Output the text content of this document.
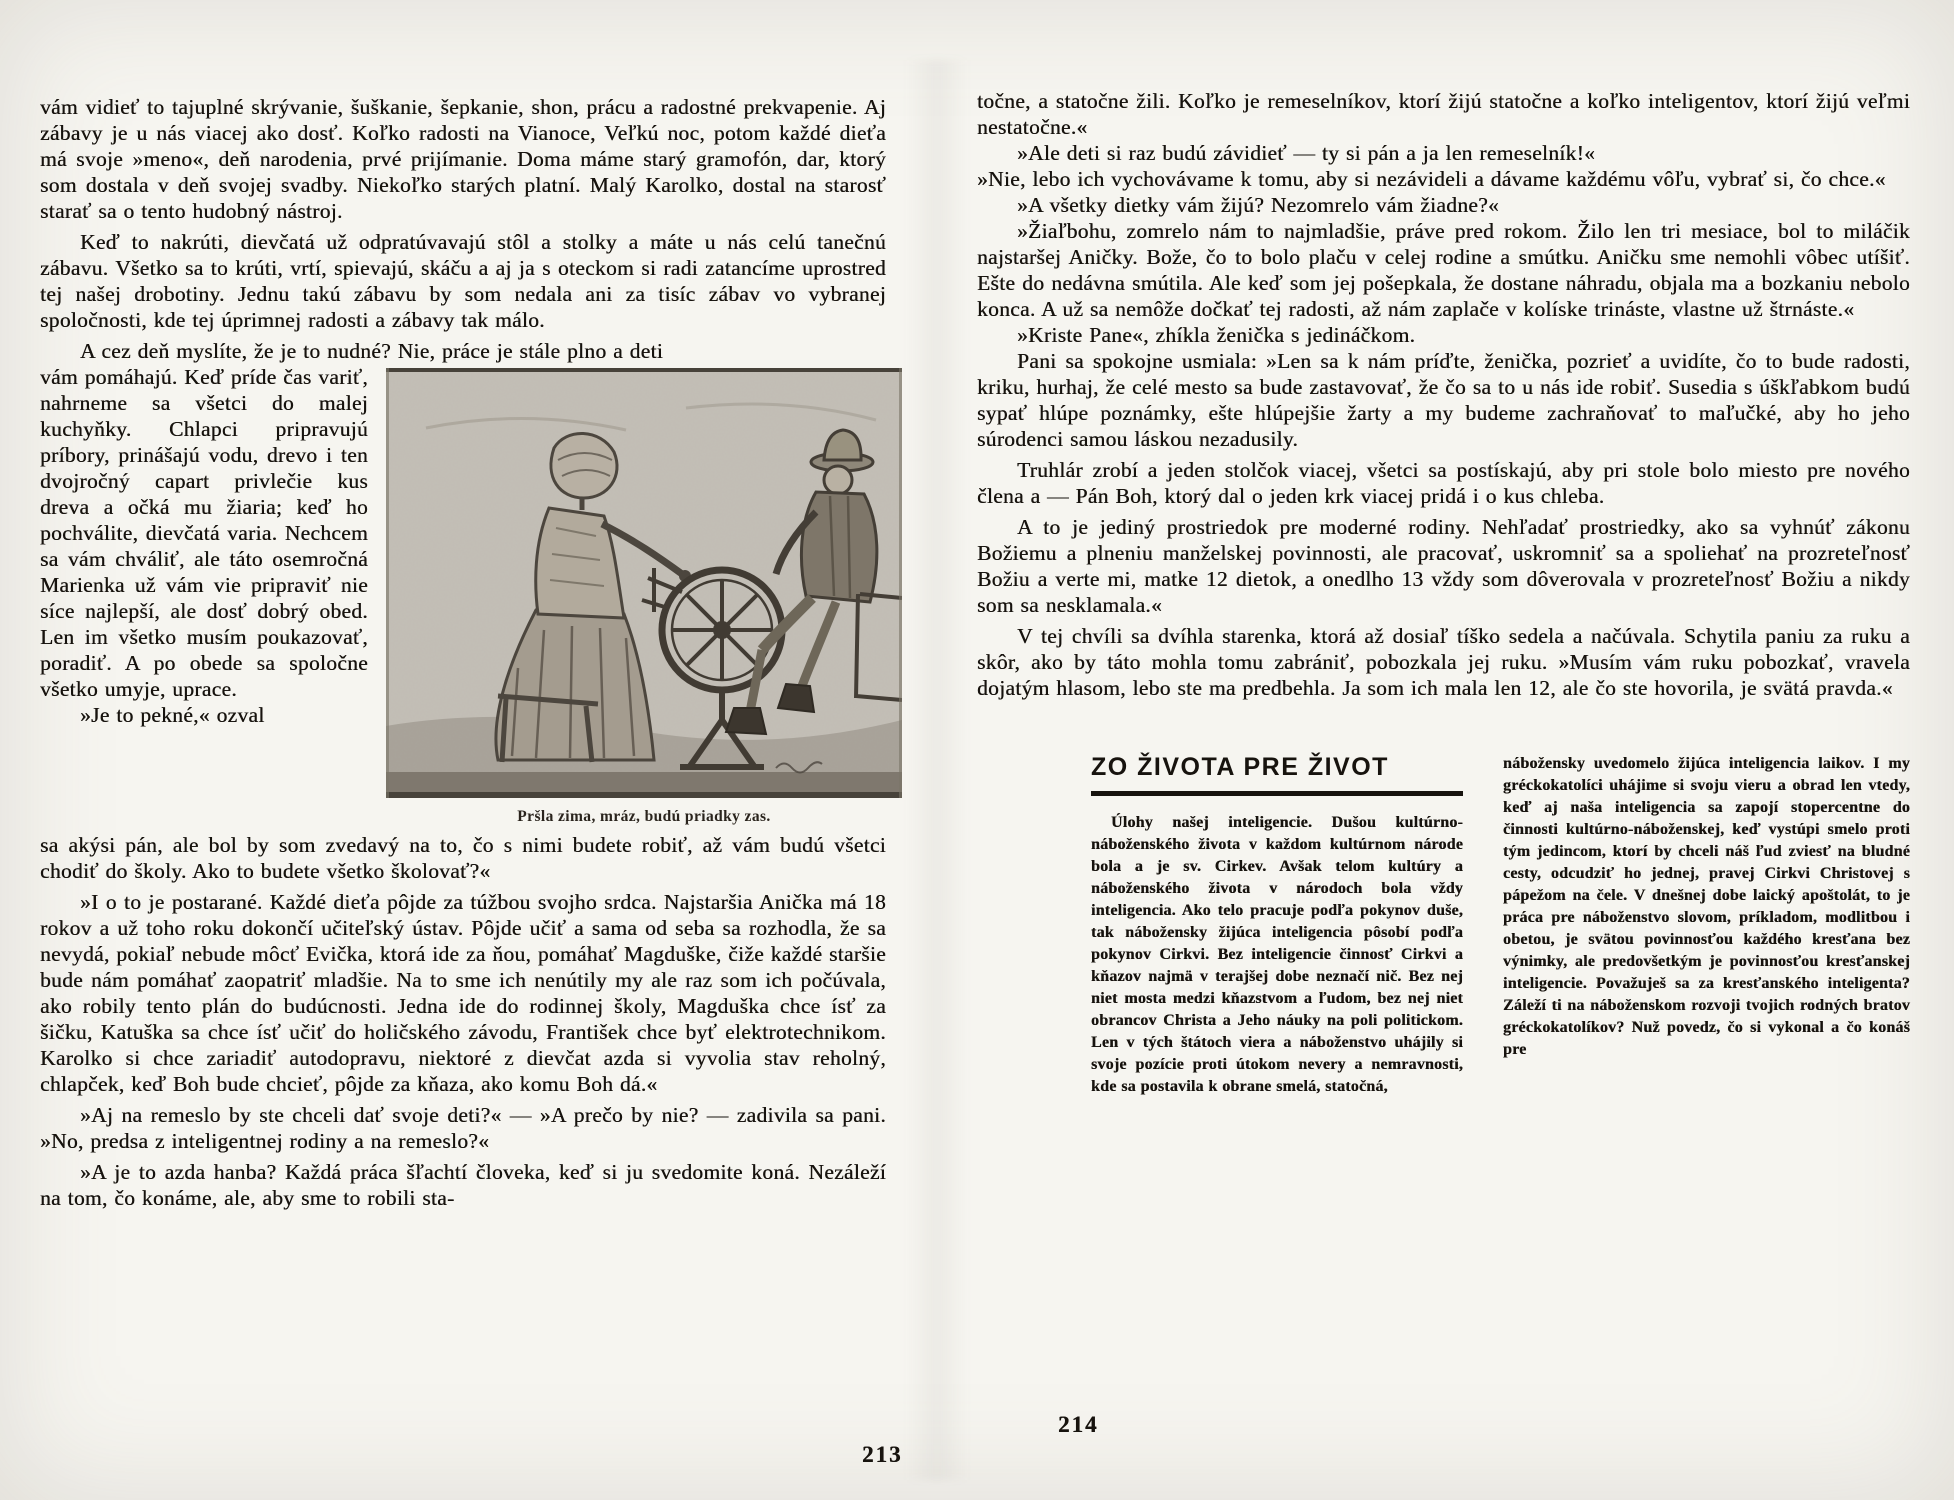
vám vidieť to tajuplné skrývanie, šuškanie, šepkanie, shon, prácu a radostné prekvapenie. Aj zábavy je u nás viacej ako dosť. Koľko radosti na Vianoce, Veľkú noc, potom každé dieťa má svoje »meno«, deň narodenia, prvé prijímanie. Doma máme starý gramofón, dar, ktorý som dostala v deň svojej svadby. Niekoľko starých platní. Malý Karolko, dostal na starosť starať sa o tento hudobný nástroj.

Keď to nakrúti, dievčatá už odpratúvavajú stôl a stolky a máte u nás celú tanečnú zábavu. Všetko sa to krúti, vrtí, spievajú, skáču a aj ja s oteckom si radi zatancíme uprostred tej našej drobotiny. Jednu takú zábavu by som nedala ani za tisíc zábav vo vybranej spoločnosti, kde tej úprimnej radosti a zábavy tak málo.

A cez deň myslíte, že je to nudné? Nie, práce je stále plno a deti

Pršla zima, mráz, budú priadky zas.

vám pomáhajú. Keď príde čas variť, nahrneme sa všetci do malej kuchyňky. Chlapci pripravujú príbory, prinášajú vodu, drevo i ten dvojročný capart privlečie kus dreva a očká mu žiaria; keď ho pochválite, dievčatá varia. Nechcem sa vám chváliť, ale táto osemročná Marienka už vám vie pripraviť nie síce najlepší, ale dosť dobrý obed. Len im všetko musím poukazovať, poradiť. A po obede sa spoločne všetko umyje, uprace.

»Je to pekné,« ozval

sa akýsi pán, ale bol by som zvedavý na to, čo s nimi budete robiť, až vám budú všetci chodiť do školy. Ako to budete všetko školovať?«

»I o to je postarané. Každé dieťa pôjde za túžbou svojho srdca. Najstaršia Anička má 18 rokov a už toho roku dokončí učiteľský ústav. Pôjde učiť a sama od seba sa rozhodla, že sa nevydá, pokiaľ nebude môcť Evička, ktorá ide za ňou, pomáhať Magduške, čiže každé staršie bude nám pomáhať zaopatriť mladšie. Na to sme ich nenútily my ale raz som ich počúvala, ako robily tento plán do budúcnosti. Jedna ide do rodinnej školy, Magduška chce ísť za šičku, Katuška sa chce ísť učiť do holičského závodu, František chce byť elektrotechnikom. Karolko si chce zariadiť autodopravu, niektoré z dievčat azda si vyvolia stav reholný, chlapček, keď Boh bude chcieť, pôjde za kňaza, ako komu Boh dá.«

»Aj na remeslo by ste chceli dať svoje deti?« — »A prečo by nie? — zadivila sa pani. »No, predsa z inteligentnej rodiny a na remeslo?«

»A je to azda hanba? Každá práca šľachtí človeka, keď si ju svedomite koná. Nezáleží na tom, čo konáme, ale, aby sme to robili sta-

točne, a statočne žili. Koľko je remeselníkov, ktorí žijú statočne a koľko inteligentov, ktorí žijú veľmi nestatočne.«

»Ale deti si raz budú závidieť — ty si pán a ja len remeselník!«

»Nie, lebo ich vychovávame k tomu, aby si nezávideli a dávame každému vôľu, vybrať si, čo chce.«

»A všetky dietky vám žijú? Nezomrelo vám žiadne?«

»Žiaľbohu, zomrelo nám to najmladšie, práve pred rokom. Žilo len tri mesiace, bol to miláčik najstaršej Aničky. Bože, čo to bolo plaču v celej rodine a smútku. Aničku sme nemohli vôbec utíšiť. Ešte do nedávna smútila. Ale keď som jej pošepkala, že dostane náhradu, objala ma a bozkaniu nebolo konca. A už sa nemôže dočkať tej radosti, až nám zaplače v kolíske trináste, vlastne už štrnáste.«

»Kriste Pane«, zhíkla ženička s jedináčkom.

Pani sa spokojne usmiala: »Len sa k nám príďte, ženička, pozrieť a uvidíte, čo to bude radosti, kriku, hurhaj, že celé mesto sa bude zastavovať, že čo sa to u nás ide robiť. Susedia s úškľabkom budú sypať hlúpe poznámky, ešte hlúpejšie žarty a my budeme zachraňovať to maľučké, aby ho jeho súrodenci samou láskou nezadusily.

Truhlár zrobí a jeden stolčok viacej, všetci sa postískajú, aby pri stole bolo miesto pre nového člena a — Pán Boh, ktorý dal o jeden krk viacej pridá i o kus chleba.

A to je jediný prostriedok pre moderné rodiny. Nehľadať prostriedky, ako sa vyhnúť zákonu Božiemu a plneniu manželskej povinnosti, ale pracovať, uskromniť sa a spoliehať na prozreteľnosť Božiu a verte mi, matke 12 dietok, a onedlho 13 vždy som dôverovala v prozreteľnosť Božiu a nikdy som sa nesklamala.«

V tej chvíli sa dvíhla starenka, ktorá až dosiaľ tíško sedela a načúvala. Schytila paniu za ruku a skôr, ako by táto mohla tomu zabrániť, pobozkala jej ruku. »Musím vám ruku pobozkať, vravela dojatým hlasom, lebo ste ma predbehla. Ja som ich mala len 12, ale čo ste hovorila, je svätá pravda.«

ZO ŽIVOTA PRE ŽIVOT

Úlohy našej inteligencie. Dušou kultúrno-náboženského života v každom kultúrnom národe bola a je sv. Cirkev. Avšak telom kultúry a náboženského života v národoch bola vždy inteligencia. Ako telo pracuje podľa pokynov duše, tak nábožensky žijúca inteligencia pôsobí podľa pokynov Cirkvi. Bez inteligencie činnosť Cirkvi a kňazov najmä v terajšej dobe neznačí nič. Bez nej niet mosta medzi kňazstvom a ľudom, bez nej niet obrancov Christa a Jeho náuky na poli politickom. Len v tých štátoch viera a náboženstvo uhájily si svoje pozície proti útokom nevery a nemravnosti, kde sa postavila k obrane smelá, statočná,

nábožensky uvedomelo žijúca inteligencia laikov. I my gréckokatolíci uhájime si svoju vieru a obrad len vtedy, keď aj naša inteligencia sa zapojí stopercentne do činnosti kultúrno-náboženskej, keď vystúpi smelo proti tým jedincom, ktorí by chceli náš ľud zviesť na bludné cesty, odcudziť ho jednej, pravej Cirkvi Christovej s pápežom na čele. V dnešnej dobe laický apoštolát, to je práca pre náboženstvo slovom, príkladom, modlitbou i obetou, je svätou povinnosťou každého kresťana bez výnimky, ale predovšetkým je povinnosťou kresťanskej inteligencie. Považuješ sa za kresťanského inteligenta? Záleží ti na náboženskom rozvoji tvojich rodných bratov gréckokatolíkov? Nuž povedz, čo si vykonal a čo konáš pre

213
214
